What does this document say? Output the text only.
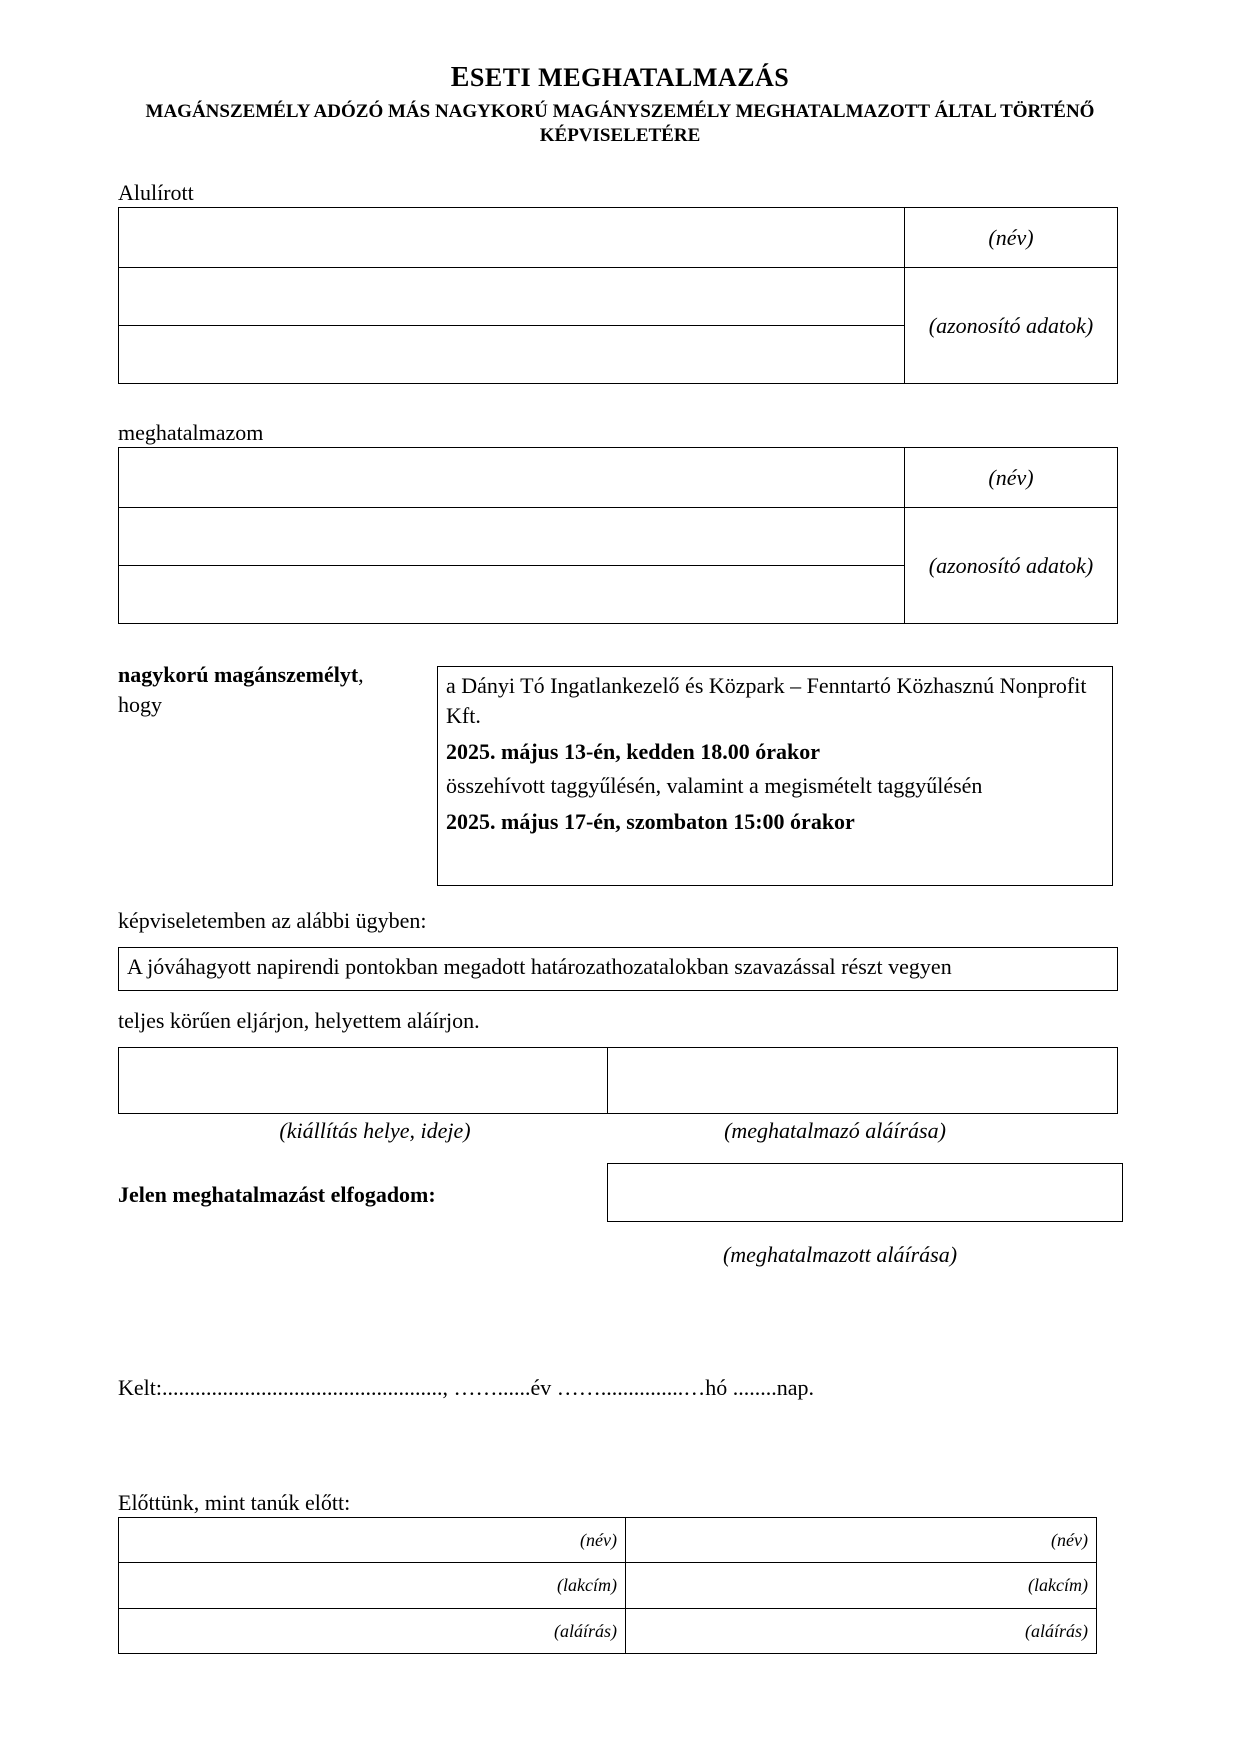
ESETI MEGHATALMAZÁS
MAGÁNSZEMÉLY ADÓZÓ MÁS NAGYKORÚ MAGÁNYSZEMÉLY MEGHATALMAZOTT ÁLTAL TÖRTÉNŐ KÉPVISELETÉRE
Alulírott
	(név)
	(azonosító adatok)

meghatalmazom
	(név)
	(azonosító adatok)

nagykorú magánszemélyt,
hogy

a Dányi Tó Ingatlankezelő és Közpark – Fenntartó Közhasznú Nonprofit Kft.

2025. május 13-én, kedden 18.00 órakor

összehívott taggyűlésén, valamint a megismételt taggyűlésén

2025. május 17-én, szombaton 15:00 órakor

képviseletemben az alábbi ügyben:
A jóváhagyott napirendi pontokban megadott határozathozatalokban szavazással részt vegyen
teljes körűen eljárjon, helyettem aláírjon.

(kiállítás helye, ideje)	(meghatalmazó aláírása)
Jelen meghatalmazást elfogadom:
(meghatalmazott aláírása)
Kelt:..................................................., ……......év ……...............…hó ........nap.
Előttünk, mint tanúk előtt:
(név)	(név)
(lakcím)	(lakcím)
(aláírás)	(aláírás)
